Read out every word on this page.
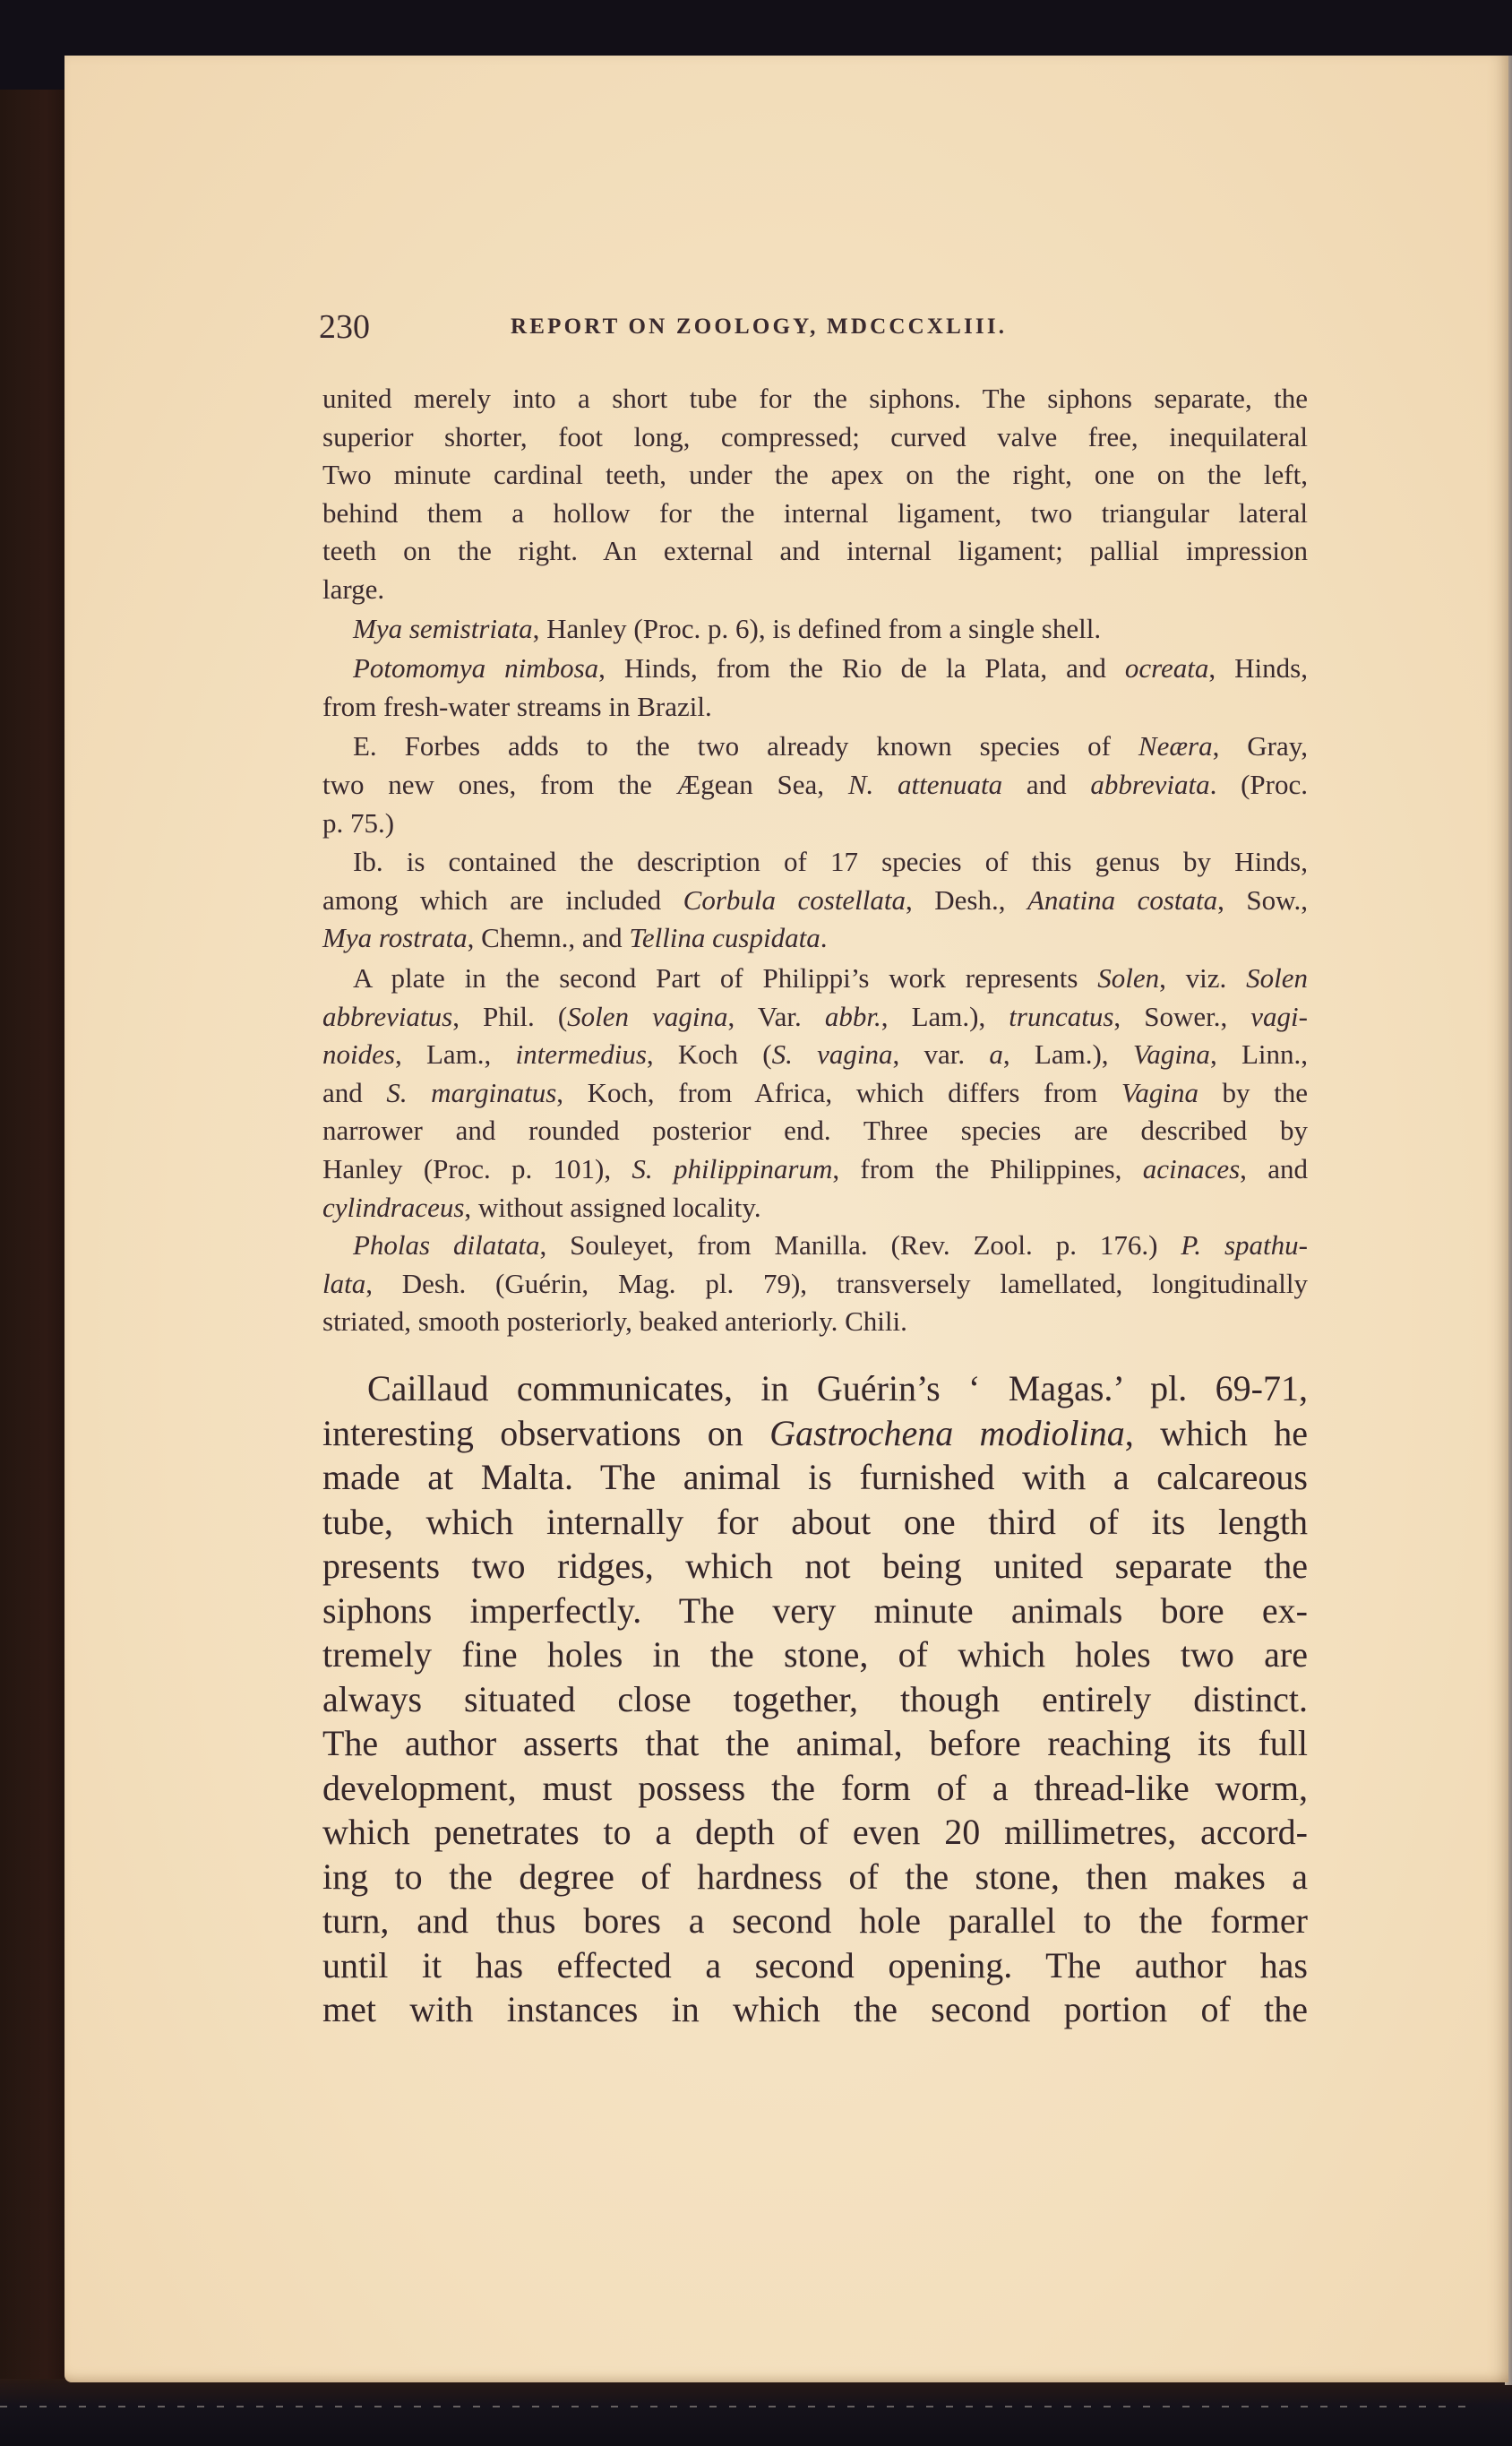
230	REPORT ON ZOOLOGY, MDCCCXLIII.
united merely into a short tube for the siphons. The siphons separate, the
superior shorter, foot long, compressed; curved valve free, inequilateral
Two minute cardinal teeth, under the apex on the right, one on the left,
behind them a hollow for the internal ligament, two triangular lateral
teeth on the right. An external and internal ligament; pallial impression
large.
Mya semistriata, Hanley (Proc. p. 6), is defined from a single shell.
Potomomya nimbosa, Hinds, from the Rio de la Plata, and ocreata, Hinds,
from fresh-water streams in Brazil.
E. Forbes adds to the two already known species of Neæra, Gray,
two new ones, from the Ægean Sea, N. attenuata and abbreviata. (Proc.
p. 75.)
Ib. is contained the description of 17 species of this genus by Hinds,
among which are included Corbula costellata, Desh., Anatina costata, Sow.,
Mya rostrata, Chemn., and Tellina cuspidata.
A plate in the second Part of Philippi’s work represents Solen, viz. Solen
abbreviatus, Phil. (Solen vagina, Var. abbr., Lam.), truncatus, Sower., vagi-
noides, Lam., intermedius, Koch (S. vagina, var. a, Lam.), Vagina, Linn.,
and S. marginatus, Koch, from Africa, which differs from Vagina by the
narrower and rounded posterior end. Three species are described by
Hanley (Proc. p. 101), S. philippinarum, from the Philippines, acinaces, and
cylindraceus, without assigned locality.
Pholas dilatata, Souleyet, from Manilla. (Rev. Zool. p. 176.) P. spathu-
lata, Desh. (Guérin, Mag. pl. 79), transversely lamellated, longitudinally
striated, smooth posteriorly, beaked anteriorly. Chili.
Caillaud communicates, in Guérin’s ‘ Magas.’ pl. 69-71,
interesting observations on Gastrochena modiolina, which he
made at Malta. The animal is furnished with a calcareous
tube, which internally for about one third of its length
presents two ridges, which not being united separate the
siphons imperfectly. The very minute animals bore ex-
tremely fine holes in the stone, of which holes two are
always situated close together, though entirely distinct.
The author asserts that the animal, before reaching its full
development, must possess the form of a thread-like worm,
which penetrates to a depth of even 20 millimetres, accord-
ing to the degree of hardness of the stone, then makes a
turn, and thus bores a second hole parallel to the former
until it has effected a second opening. The author has
met with instances in which the second portion of the
